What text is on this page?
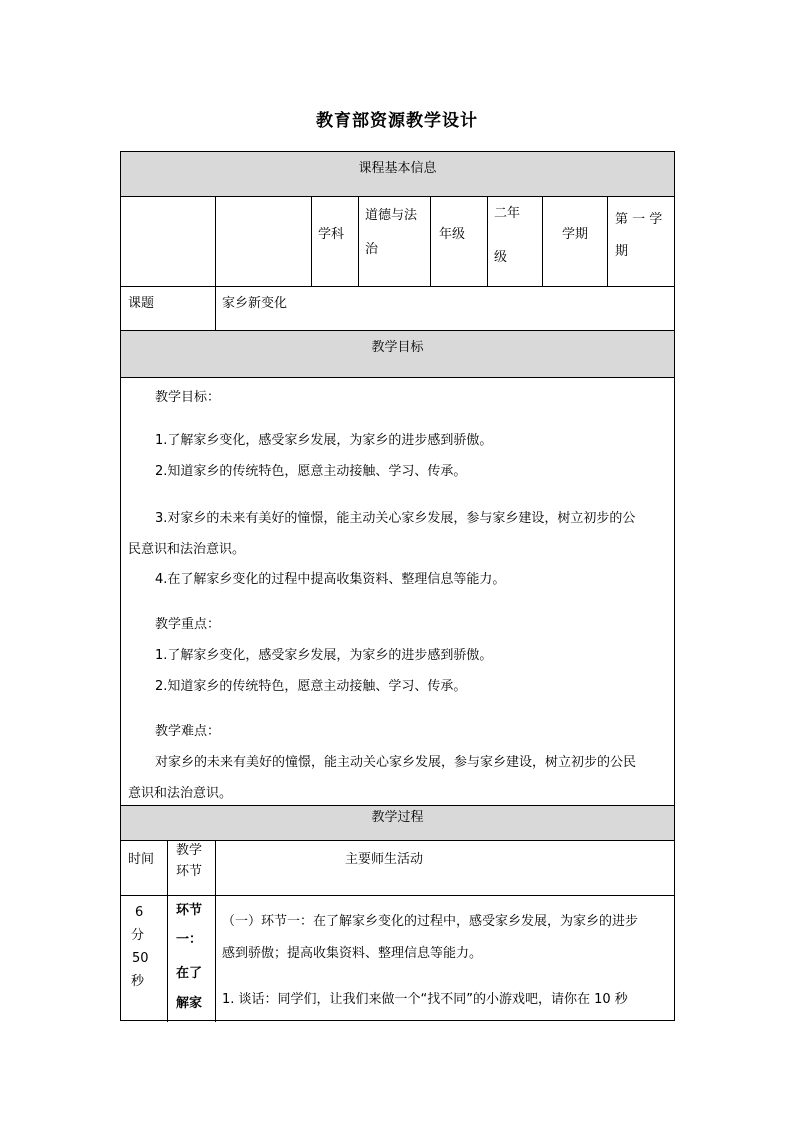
教育部资源教学设计
课程基本信息
学科
道德与法
治
年级
二年
级
学期
第 一 学
期
课题	家乡新变化
教学目标
教学目标：
1.了解家乡变化，感受家乡发展，为家乡的进步感到骄傲。
2.知道家乡的传统特色，愿意主动接触、学习、传承。
3.对家乡的未来有美好的憧憬，能主动关心家乡发展，参与家乡建设，树立初步的公
民意识和法治意识。
4.在了解家乡变化的过程中提高收集资料、整理信息等能力。
教学重点：
1.了解家乡变化，感受家乡发展，为家乡的进步感到骄傲。
2.知道家乡的传统特色，愿意主动接触、学习、传承。
教学难点：
对家乡的未来有美好的憧憬，能主动关心家乡发展，参与家乡建设，树立初步的公民
意识和法治意识。
教学过程
时间
教学
环节
主要师生活动
6
分
50
秒
环节
一：
在了
解家
（一）环节一：在了解家乡变化的过程中，感受家乡发展，为家乡的进步
感到骄傲；提高收集资料、整理信息等能力。
1. 谈话：同学们，让我们来做一个“找不同”的小游戏吧，请你在 10 秒
